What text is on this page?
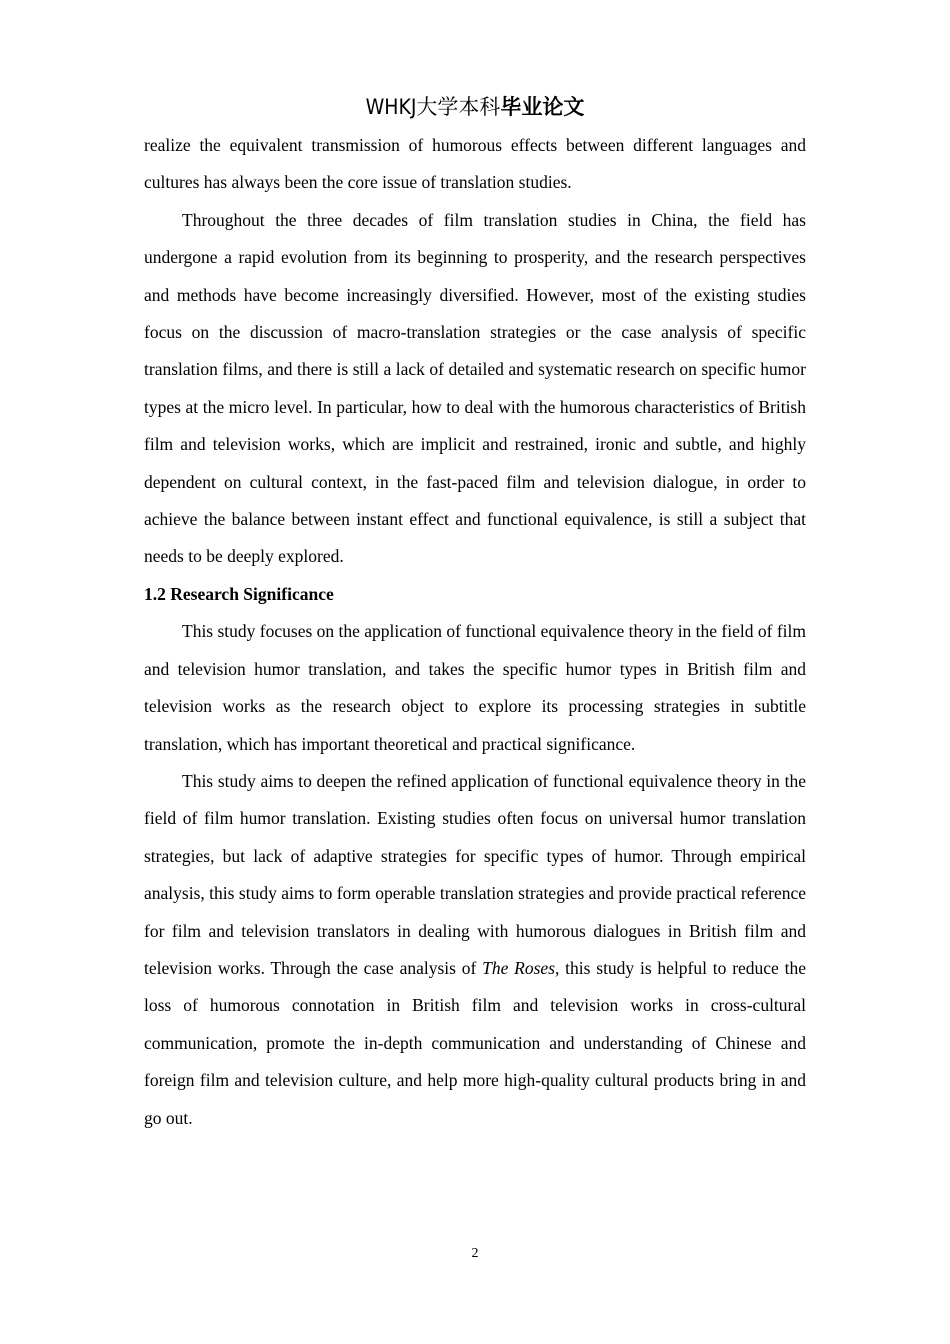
WHKJ大学本科毕业论文

realize the equivalent transmission of humorous effects between different languages and cultures has always been the core issue of translation studies.

Throughout the three decades of film translation studies in China, the field has undergone a rapid evolution from its beginning to prosperity, and the research perspectives and methods have become increasingly diversified. However, most of the existing studies focus on the discussion of macro-translation strategies or the case analysis of specific translation films, and there is still a lack of detailed and systematic research on specific humor types at the micro level. In particular, how to deal with the humorous characteristics of British film and television works, which are implicit and restrained, ironic and subtle, and highly dependent on cultural context, in the fast-paced film and television dialogue, in order to achieve the balance between instant effect and functional equivalence, is still a subject that needs to be deeply explored.

1.2 Research Significance

This study focuses on the application of functional equivalence theory in the field of film and television humor translation, and takes the specific humor types in British film and television works as the research object to explore its processing strategies in subtitle translation, which has important theoretical and practical significance.

This study aims to deepen the refined application of functional equivalence theory in the field of film humor translation. Existing studies often focus on universal humor translation strategies, but lack of adaptive strategies for specific types of humor. Through empirical analysis, this study aims to form operable translation strategies and provide practical reference for film and television translators in dealing with humorous dialogues in British film and television works. Through the case analysis of The Roses, this study is helpful to reduce the loss of humorous connotation in British film and television works in cross-cultural communication, promote the in-depth communication and understanding of Chinese and foreign film and television culture, and help more high-quality cultural products bring in and go out.

2
